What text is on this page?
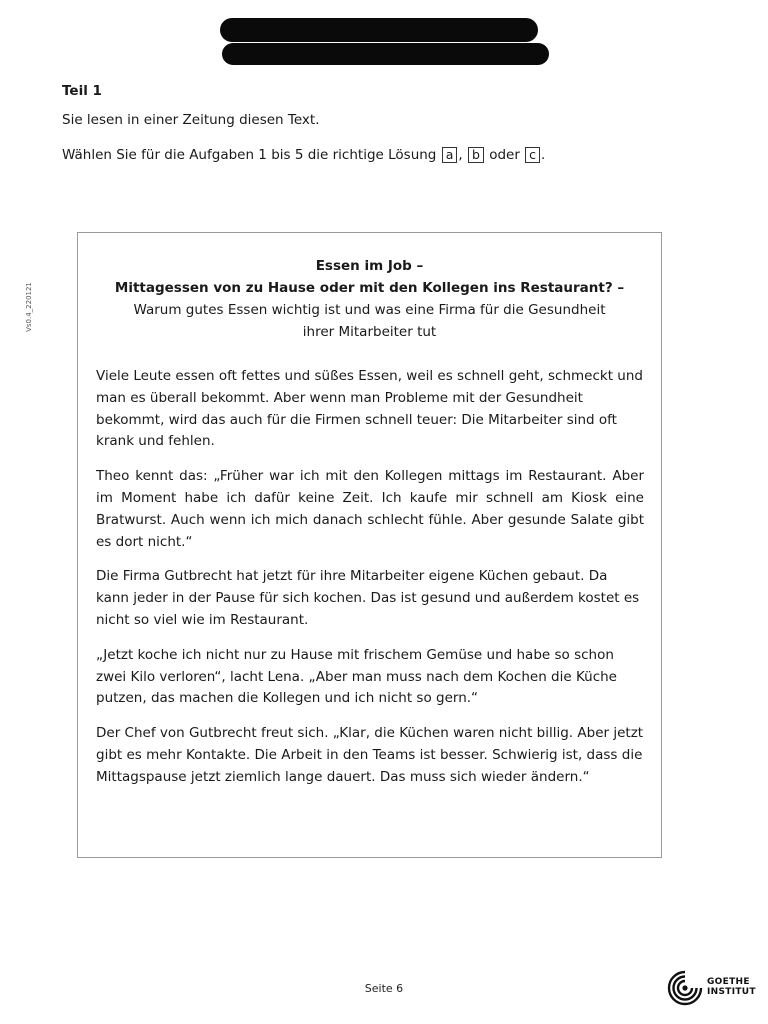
Vs0.4_220121
Teil 1
Sie lesen in einer Zeitung diesen Text.
Wählen Sie für die Aufgaben 1 bis 5 die richtige Lösung a , b oder c .
Essen im Job –
Mittagessen von zu Hause oder mit den Kollegen ins Restaurant? –
Warum gutes Essen wichtig ist und was eine Firma für die Gesundheit
ihrer Mitarbeiter tut

Viele Leute essen oft fettes und süßes Essen, weil es schnell geht, schmeckt und man es überall bekommt. Aber wenn man Probleme mit der Gesundheit bekommt, wird das auch für die Firmen schnell teuer: Die Mitarbeiter sind oft krank und fehlen.

Theo kennt das: „Früher war ich mit den Kollegen mittags im Restaurant. Aber im Moment habe ich dafür keine Zeit. Ich kaufe mir schnell am Kiosk eine Bratwurst. Auch wenn ich mich danach schlecht fühle. Aber gesunde Salate gibt es dort nicht.“

Die Firma Gutbrecht hat jetzt für ihre Mitarbeiter eigene Küchen gebaut. Da kann jeder in der Pause für sich kochen. Das ist gesund und außerdem kostet es nicht so viel wie im Restaurant.

„Jetzt koche ich nicht nur zu Hause mit frischem Gemüse und habe so schon zwei Kilo verloren“, lacht Lena. „Aber man muss nach dem Kochen die Küche putzen, das machen die Kollegen und ich nicht so gern.“

Der Chef von Gutbrecht freut sich. „Klar, die Küchen waren nicht billig. Aber jetzt gibt es mehr Kontakte. Die Arbeit in den Teams ist besser. Schwierig ist, dass die Mittagspause jetzt ziemlich lange dauert. Das muss sich wieder ändern.“

Seite 6	GOETHE
INSTITUT
